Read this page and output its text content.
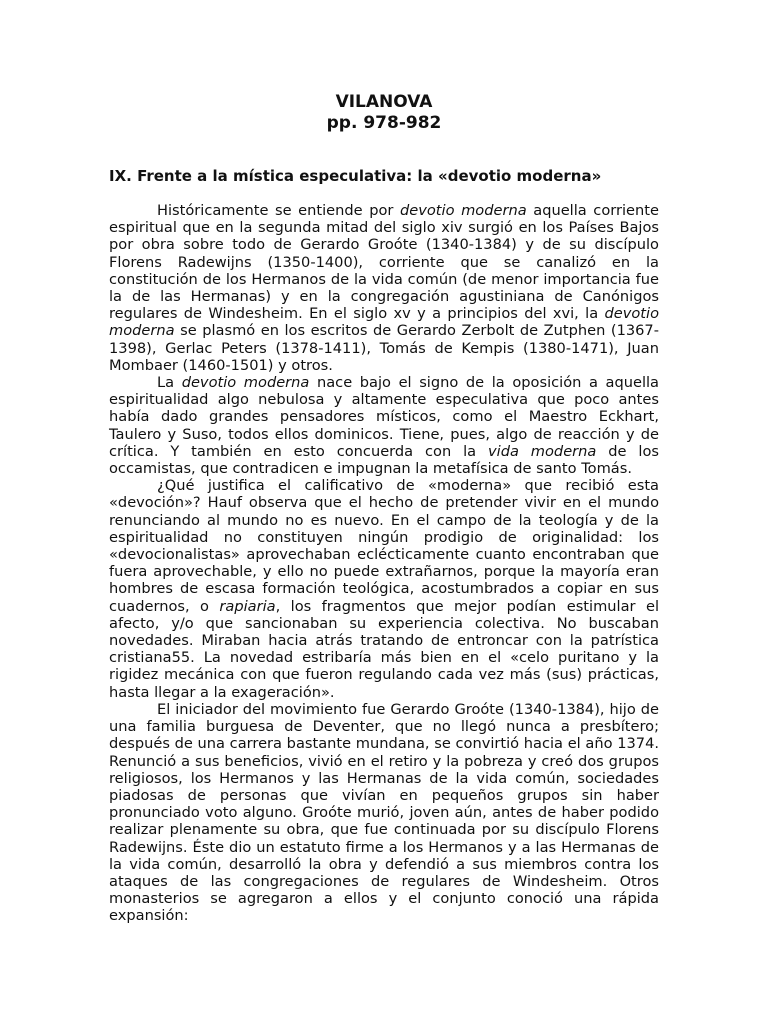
VILANOVA
pp. 978-982

IX. Frente a la mística especulativa: la «devotio moderna»

Históricamente se entiende por devotio moderna aquella corriente espiritual que en la segunda mitad del siglo xiv surgió en los Países Bajos por obra sobre todo de Gerardo Groóte (1340-1384) y de su discípulo Florens Radewijns (1350-1400), corriente que se canalizó en la constitución de los Hermanos de la vida común (de menor importancia fue la de las Hermanas) y en la congregación agustiniana de Canónigos regulares de Windesheim. En el siglo xv y a principios del xvi, la devotio moderna se plasmó en los escritos de Gerardo Zerbolt de Zutphen (1367-1398), Gerlac Peters (1378-1411), Tomás de Kempis (1380-1471), Juan Mombaer (1460-1501) y otros.

La devotio moderna nace bajo el signo de la oposición a aquella espiritualidad algo nebulosa y altamente especulativa que poco antes había dado grandes pensadores místicos, como el Maestro Eckhart, Taulero y Suso, todos ellos dominicos. Tiene, pues, algo de reacción y de crítica. Y también en esto concuerda con la vida moderna de los occamistas, que contradicen e impugnan la metafísica de santo Tomás.

¿Qué justifica el calificativo de «moderna» que recibió esta «devoción»? Hauf observa que el hecho de pretender vivir en el mundo renunciando al mundo no es nuevo. En el campo de la teología y de la espiritualidad no constituyen ningún prodigio de originalidad: los «devocionalistas» aprovechaban eclécticamente cuanto encontraban que fuera aprovechable, y ello no puede extrañarnos, porque la mayoría eran hombres de escasa formación teológica, acostumbrados a copiar en sus cuadernos, o rapiaria, los fragmentos que mejor podían estimular el afecto, y/o que sancionaban su experiencia colectiva. No buscaban novedades. Miraban hacia atrás tratando de entroncar con la patrística cristiana55. La novedad estribaría más bien en el «celo puritano y la rigidez mecánica con que fueron regulando cada vez más (sus) prácticas, hasta llegar a la exageración».

El iniciador del movimiento fue Gerardo Groóte (1340-1384), hijo de una familia burguesa de Deventer, que no llegó nunca a presbítero; después de una carrera bastante mundana, se convirtió hacia el año 1374. Renunció a sus beneficios, vivió en el retiro y la pobreza y creó dos grupos religiosos, los Hermanos y las Hermanas de la vida común, sociedades piadosas de personas que vivían en pequeños grupos sin haber pronunciado voto alguno. Groóte murió, joven aún, antes de haber podido realizar plenamente su obra, que fue continuada por su discípulo Florens Radewijns. Éste dio un estatuto firme a los Hermanos y a las Hermanas de la vida común, desarrolló la obra y defendió a sus miembros contra los ataques de las congregaciones de regulares de Windesheim. Otros monasterios se agregaron a ellos y el conjunto conoció una rápida expansión:
